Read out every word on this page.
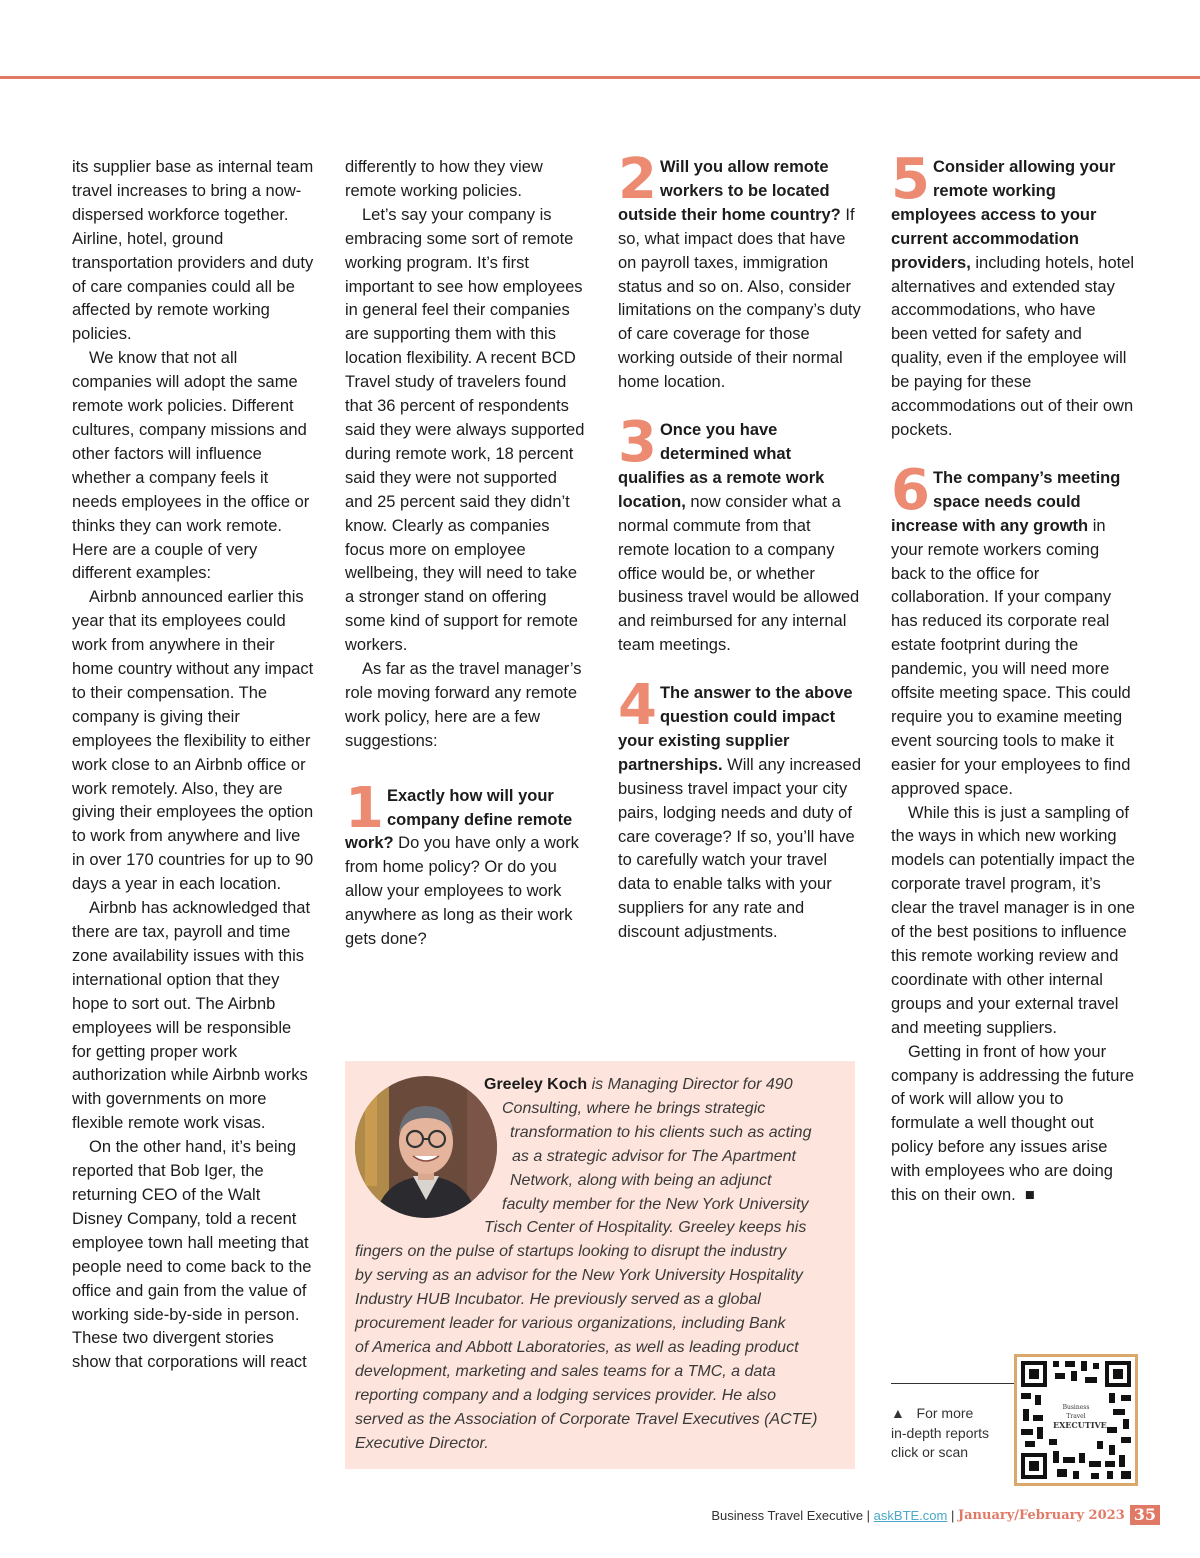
its supplier base as internal team travel increases to bring a now-dispersed workforce together. Airline, hotel, ground transportation providers and duty of care companies could all be affected by remote working policies.

We know that not all companies will adopt the same remote work policies. Different cultures, company missions and other factors will influence whether a company feels it needs employees in the office or thinks they can work remote. Here are a couple of very different examples:

Airbnb announced earlier this year that its employees could work from anywhere in their home country without any impact to their compensation. The company is giving their employees the flexibility to either work close to an Airbnb office or work remotely. Also, they are giving their employees the option to work from anywhere and live in over 170 countries for up to 90 days a year in each location.

Airbnb has acknowledged that there are tax, payroll and time zone availability issues with this international option that they hope to sort out. The Airbnb employees will be responsible for getting proper work authorization while Airbnb works with governments on more flexible remote work visas.

On the other hand, it’s being reported that Bob Iger, the returning CEO of the Walt Disney Company, told a recent employee town hall meeting that people need to come back to the office and gain from the value of working side-by-side in person. These two divergent stories show that corporations will react

differently to how they view remote working policies.

Let’s say your company is embracing some sort of remote working program. It’s first important to see how employees in general feel their companies are supporting them with this location flexibility. A recent BCD Travel study of travelers found that 36 percent of respondents said they were always supported during remote work, 18 percent said they were not supported and 25 percent said they didn’t know. Clearly as companies focus more on employee wellbeing, they will need to take a stronger stand on offering some kind of support for remote workers.

As far as the travel manager’s role moving forward any remote work policy, here are a few suggestions:

1 Exactly how will your company define remote work? Do you have only a work from home policy? Or do you allow your employees to work anywhere as long as their work gets done?
2 Will you allow remote workers to be located outside their home country? If so, what impact does that have on payroll taxes, immigration status and so on. Also, consider limitations on the company’s duty of care coverage for those working outside of their normal home location.
3 Once you have determined what qualifies as a remote work location, now consider what a normal commute from that remote location to a company office would be, or whether business travel would be allowed and reimbursed for any internal team meetings.
4 The answer to the above question could impact your existing supplier partnerships. Will any increased business travel impact your city pairs, lodging needs and duty of care coverage? If so, you’ll have to carefully watch your travel data to enable talks with your suppliers for any rate and discount adjustments.
5 Consider allowing your remote working employees access to your current accommodation providers, including hotels, hotel alternatives and extended stay accommodations, who have been vetted for safety and quality, even if the employee will be paying for these accommodations out of their own pockets.
6 The company’s meeting space needs could increase with any growth in your remote workers coming back to the office for collaboration. If your company has reduced its corporate real estate footprint during the pandemic, you will need more offsite meeting space. This could require you to examine meeting event sourcing tools to make it easier for your employees to find approved space.

While this is just a sampling of the ways in which new working models can potentially impact the corporate travel program, it’s clear the travel manager is in one of the best positions to influence this remote working review and coordinate with other internal groups and your external travel and meeting suppliers.

Getting in front of how your company is addressing the future of work will allow you to formulate a well thought out policy before any issues arise with employees who are doing this on their own. ■

Greeley Koch is Managing Director for 490
Consulting, where he brings strategic
transformation to his clients such as acting
as a strategic advisor for The Apartment
Network, along with being an adjunct
faculty member for the New York University
Tisch Center of Hospitality. Greeley keeps his
fingers on the pulse of startups looking to disrupt the industry
by serving as an advisor for the New York University Hospitality
Industry HUB Incubator. He previously served as a global
procurement leader for various organizations, including Bank
of America and Abbott Laboratories, as well as leading product
development, marketing and sales teams for a TMC, a data
reporting company and a lodging services provider. He also
served as the Association of Corporate Travel Executives (ACTE)
Executive Director.
▲ For more
in-depth reports
click or scan
Business Travel
EXECUTIVE
Business Travel Executive | askBTE.com | January/February 2023 35
